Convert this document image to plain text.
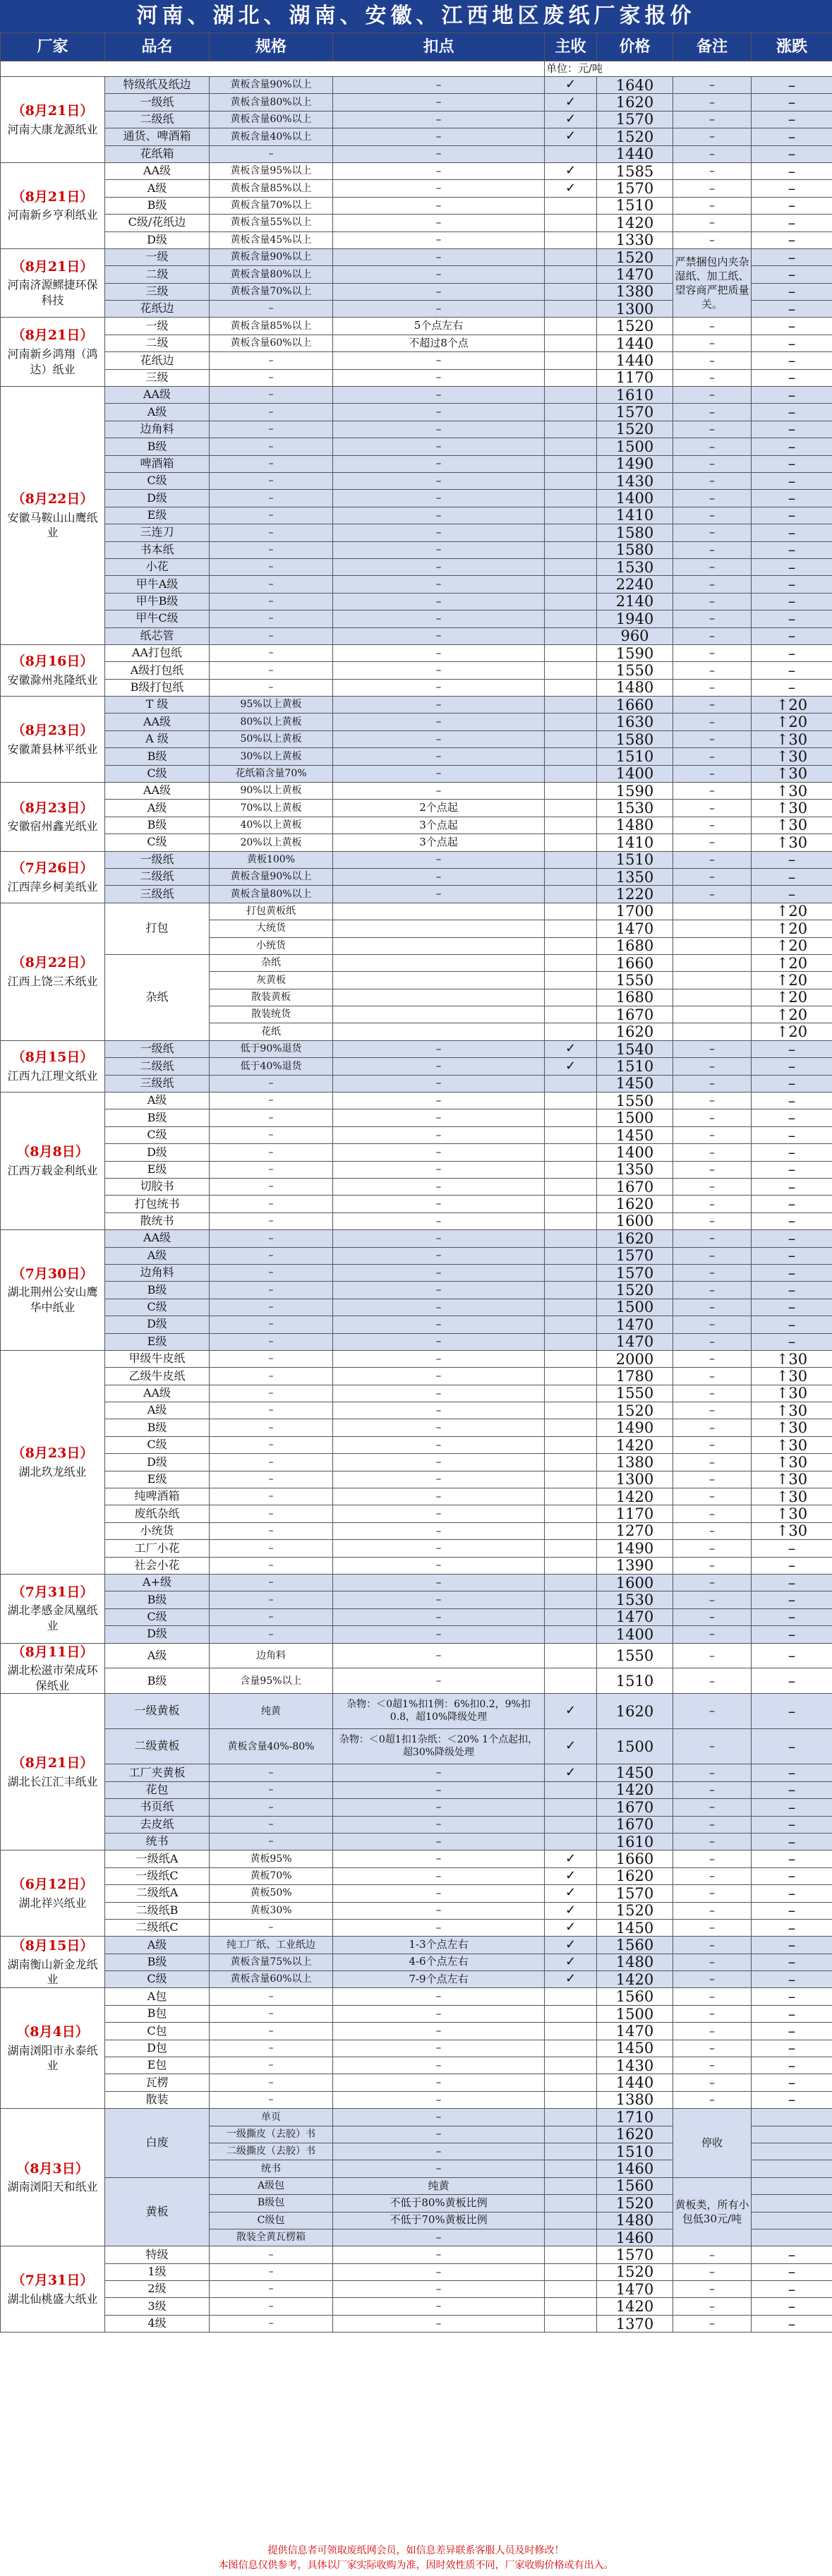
河南、湖北、湖南、安徽、江西地区废纸厂家报价
厂家	品名	规格	扣点	主收	价格	备注	涨跌
				单位：元/吨			

（8月21日）
河南大康龙源纸业	特级纸及纸边	黄板含量90%以上	–	✓	1640	–	–
	一级纸	黄板含量80%以上	–	✓	1620	–	–
	二级纸	黄板含量60%以上	–	✓	1570	–	–
	通货、啤酒箱	黄板含量40%以上	–	✓	1520	–	–
	花纸箱	–	–		1440	–	–

（8月21日）
河南新乡亨利纸业	AA级	黄板含量95%以上	–	✓	1585	–	–
	A级	黄板含量85%以上	–	✓	1570	–	–
	B级	黄板含量70%以上	–		1510	–	–
	C级/花纸边	黄板含量55%以上	–		1420	–	–
	D级	黄板含量45%以上	–		1330	–	–

（8月21日）
河南济源鳏捷环保科技	一级	黄板含量90%以上	–		1520	严禁捆包内夹杂湿纸、加工纸、望容商严把质量关。	–
	二级	黄板含量80%以上	–		1470		–
	三级	黄板含量70%以上	–		1380		–
	花纸边	–	–		1300		–

（8月21日）
河南新乡鸿翔（鸿达）纸业	一级	黄板含量85%以上	5个点左右		1520	–	–
	二级	黄板含量60%以上	不超过8个点		1440	–	–
	花纸边	–	–		1440	–	–
	三级	–	–		1170	–	–

（8月22日）
安徽马鞍山山鹰纸业	AA级	–	–		1610	–	–
	A级	–	–		1570	–	–
	边角料	–	–		1520	–	–
	B级	–	–		1500	–	–
	啤酒箱	–	–		1490	–	–
	C级	–	–		1430	–	–
	D级	–	–		1400	–	–
	E级	–	–		1410	–	–
	三连刀	–	–		1580	–	–
	书本纸	–	–		1580	–	–
	小花	–	–		1530	–	–
	甲牛A级	–	–		2240	–	–
	甲牛B级	–	–		2140	–	–
	甲牛C级	–	–		1940	–	–
	纸芯管	–	–		960	–	–

（8月16日）
安徽滁州兆隆纸业	AA打包纸	–	–		1590	–	–
	A级打包纸	–	–		1550	–	–
	B级打包纸	–	–		1480	–	–

（8月23日）
安徽萧县林平纸业	T 级	95%以上黄板	–		1660	–	↑20
	AA级	80%以上黄板	–		1630	–	↑20
	A 级	50%以上黄板	–		1580	–	↑30
	B级	30%以上黄板	–		1510	–	↑30
	C级	花纸箱含量70%	–		1400	–	↑30

（8月23日）
安徽宿州鑫光纸业	AA级	90%以上黄板	–		1590	–	↑30
	A级	70%以上黄板	2个点起		1530	–	↑30
	B级	40%以上黄板	3个点起		1480	–	↑30
	C级	20%以上黄板	3个点起		1410	–	↑30

（7月26日）
江西萍乡柯美纸业	一级纸	黄板100%	–		1510	–	–
	二级纸	黄板含量90%以上	–		1350	–	–
	三级纸	黄板含量80%以上	–		1220	–	–

（8月22日）
江西上饶三禾纸业	打包	打包黄板纸			1700		↑20
		大统货			1470		↑20
		小统货			1680		↑20
	杂纸	杂纸			1660		↑20
		灰黄板			1550		↑20
		散装黄板			1680		↑20
		散装统货			1670		↑20
		花纸			1620		↑20

（8月15日）
江西九江理文纸业	一级纸	低于90%退货	–	✓	1540	–	–
	二级纸	低于40%退货	–	✓	1510	–	–
	三级纸	–	–		1450	–	–

（8月8日）
江西万载金利纸业	A级	–	–		1550	–	–
	B级	–	–		1500	–	–
	C级	–	–		1450	–	–
	D级	–	–		1400	–	–
	E级	–	–		1350	–	–
	切胶书	–	–		1670	–	–
	打包统书	–	–		1620	–	–
	散统书	–	–		1600	–	–

（7月30日）
湖北荆州公安山鹰华中纸业	AA级	–	–		1620	–	–
	A级	–	–		1570	–	–
	边角料	–	–		1570	–	–
	B级	–	–		1520	–	–
	C级	–	–		1500	–	–
	D级	–	–		1470	–	–
	E级	–	–		1470	–	–

（8月23日）
湖北玖龙纸业	甲级牛皮纸	–	–		2000	–	↑30
	乙级牛皮纸	–	–		1780	–	↑30
	AA级	–	–		1550	–	↑30
	A级	–	–		1520	–	↑30
	B级	–	–		1490	–	↑30
	C级	–	–		1420	–	↑30
	D级	–	–		1380	–	↑30
	E级	–	–		1300	–	↑30
	纯啤酒箱	–	–		1420	–	↑30
	废纸杂纸	–	–		1170	–	↑30
	小统货	–	–		1270	–	↑30
	工厂小花	–	–		1490	–	–
	社会小花	–	–		1390	–	–

（7月31日）
湖北孝感金凤凰纸业	A+级	–	–		1600	–	–
	B级	–	–		1530	–	–
	C级	–	–		1470	–	–
	D级	–	–		1400	–	–

（8月11日）
湖北松滋市荣成环保纸业	A级	边角料	–		1550	–	–
	B级	含量95%以上	–		1510	–	–

（8月21日）
湖北长江汇丰纸业	一级黄板	纯黄	杂物：＜0超1%扣1例：6%扣0.2，9%扣0.8，超10%降级处理	✓	1620	–	–
	二级黄板	黄板含量40%-80%	杂物：＜0超1扣1杂纸：＜20% 1个点起扣，超30%降级处理	✓	1500	–	–
	工厂夹黄板	–	–	✓	1450	–	–
	花包	–	–		1420	–	–
	书页纸	–	–		1670	–	–
	去皮纸	–	–		1670	–	–
	统书	–	–		1610	–	–

（6月12日）
湖北祥兴纸业	一级纸A	黄板95%	–	✓	1660	–	–
	一级纸C	黄板70%	–	✓	1620	–	–
	二级纸A	黄板50%	–	✓	1570	–	–
	二级纸B	黄板30%	–	✓	1520	–	–
	二级纸C	–	–	✓	1450	–	–

（8月15日）
湖南衡山新金龙纸业	A级	纯工厂纸、工业纸边	1-3个点左右	✓	1560	–	–
	B级	黄板含量75%以上	4-6个点左右	✓	1480	–	–
	C级	黄板含量60%以上	7-9个点左右	✓	1420	–	–

（8月4日）
湖南浏阳市永泰纸业	A包	–	–		1560	–	–
	B包	–	–		1500	–	–
	C包	–	–		1470	–	–
	D包	–	–		1450	–	–
	E包	–	–		1430	–	–
	瓦楞	–	–		1440	–	–
	散装	–	–		1380	–	–

（8月3日）
湖南浏阳天和纸业	白废	单页	–		1710	停收	
		一级撕皮（去胶）书	–		1620		
		二级撕皮（去胶）书	–		1510		
		统书	–		1460		
	黄板	A级包	纯黄		1560	黄板类，所有小包低30元/吨	
		B级包	不低于80%黄板比例		1520		
		C级包	不低于70%黄板比例		1480		
		散装全黄瓦楞箱	–		1460		

（7月31日）
湖北仙桃盛大纸业	特级	–	–		1570	–	–
	1级	–	–		1520	–	–
	2级	–	–		1470	–	–
	3级	–	–		1420	–	–
	4级	–	–		1370	–	–
提供信息者可领取废纸网会员，如信息差异联系客服人员及时修改！
本图信息仅供参考，具体以厂家实际收购为准，因时效性质不同，厂家收购价格或有出入。
